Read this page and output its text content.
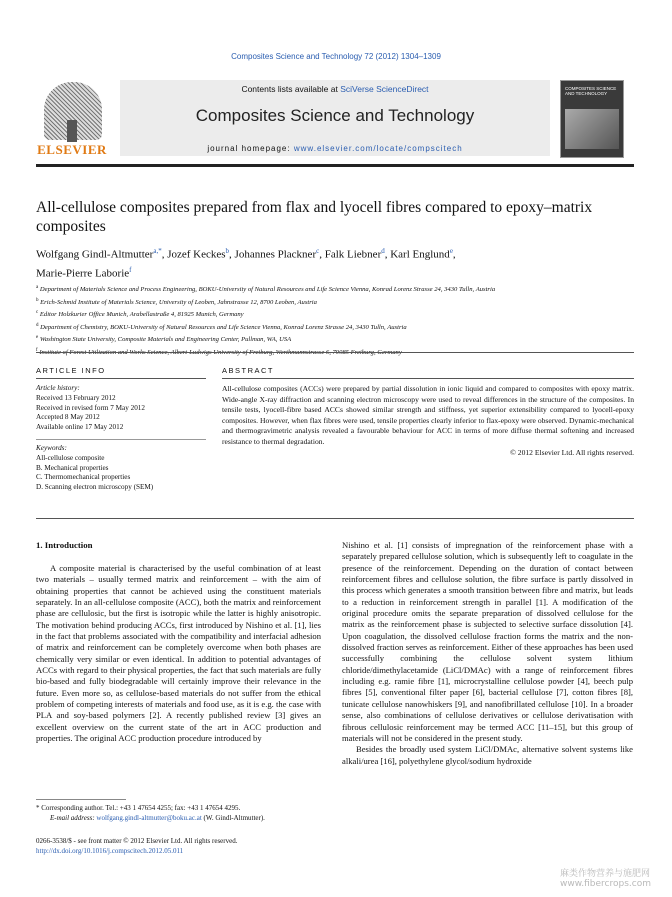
Composites Science and Technology 72 (2012) 1304–1309
ELSEVIER
Contents lists available at SciVerse ScienceDirect
Composites Science and Technology
journal homepage: www.elsevier.com/locate/compscitech
COMPOSITES SCIENCE AND TECHNOLOGY
All-cellulose composites prepared from flax and lyocell fibres compared to epoxy–matrix composites
Wolfgang Gindl-Altmutter$^{a,*}$, Jozef Keckes$^b$, Johannes Plackner$^c$, Falk Liebner$^d$, Karl Englund$^e$,
Marie-Pierre Laborie$^f$
$^a$ Department of Materials Science and Process Engineering, BOKU-University of Natural Resources and Life Science Vienna, Konrad Lorenz Strasse 24, 3430 Tulln, Austria
$^b$ Erich-Schmid Institute of Materials Science, University of Leoben, Jahnstrasse 12, 8700 Leoben, Austria
$^c$ Editor Holzkurier Office Munich, Arabellastraße 4, 81925 Munich, Germany
$^d$ Department of Chemistry, BOKU-University of Natural Resources and Life Science Vienna, Konrad Lorenz Strasse 24, 3430 Tulln, Austria
$^e$ Washington State University, Composite Materials and Engineering Center, Pullman, WA, USA
$^f$
ARTICLE INFO	ABSTRACT
Article history:
Received 13 February 2012
Received in revised form 7 May 2012
Accepted 8 May 2012
Available online 17 May 2012
Keywords:
All-cellulose composite
B. Mechanical properties
C. Thermomechanical properties
D. Scanning electron microscopy (SEM)
All-cellulose composites (ACCs) were prepared by partial dissolution in ionic liquid and compared to composites with epoxy matrix. Wide-angle X-ray diffraction and scanning electron microscopy were used to reveal differences in the structure of the composites. In tensile tests, lyocell-fibre based ACCs showed similar strength and stiffness, yet superior extensibility compared to lyocell-epoxy composites. However, when flax fibres were used, tensile properties clearly inferior to flax-epoxy were observed. Dynamic-mechanical and thermogravimetric analysis revealed a favourable behaviour for ACC in terms of more diffuse thermal softening and increased resistance to thermal degradation.
© 2012 Elsevier Ltd. All rights reserved.
1. Introduction

A composite material is characterised by the useful combination of at least two materials – usually termed matrix and reinforcement – with the aim of obtaining properties that cannot be achieved using the constituent materials separately. In an all-cellulose composite (ACC), both the matrix and reinforcement phase are cellulosic, but the first is isotropic while the latter is highly anisotropic. The motivation behind producing ACCs, first introduced by Nishino et al. [1], lies in the fact that problems associated with the compatibility and interfacial adhesion of matrix and reinforcement can be completely overcome when both phases are chemically very similar or even identical. In addition to potential advantages of ACCs with regard to their physical properties, the fact that such materials are fully bio-based and fully biodegradable will certainly improve their relevance in the future. Even more so, as cellulose-based materials do not suffer from the ethical problem of competing interests of materials and food use, as it is e.g. the case with PLA and soy-based polymers [2]. A recently published review [3] gives an excellent overview on the current state of the art in ACC production and properties. The original ACC production procedure introduced by

Nishino et al. [1] consists of impregnation of the reinforcement phase with a separately prepared cellulose solution, which is subsequently left to coagulate in the presence of the reinforcement. Depending on the duration of contact between reinforcement fibres and cellulose solution, the fibre surface is partly dissolved in this process which generates a smooth transition between fibre and matrix, but leads to a reduction in reinforcement strength in parallel [1]. A modification of the original procedure omits the separate preparation of dissolved cellulose for the matrix as the reinforcement phase is subjected to selective surface dissolution [4]. Upon coagulation, the dissolved cellulose fraction forms the matrix and the non-dissolved fraction serves as reinforcement. Either of these approaches has been used successfully combining the cellulose solvent system lithium chloride/dimethylacetamide (LiCl/DMAc) with a range of reinforcement fibres including e.g. ramie fibre [1], microcrystalline cellulose powder [4], beech pulp fibres [5], conventional filter paper [6], bacterial cellulose [7], cotton fibres [8], tunicate cellulose nanowhiskers [9], and nanofibrillated cellulose [10]. In a broader sense, also combinations of cellulose derivatives or cellulose derivatisation with fibrous cellulosic reinforcement may be termed ACC [11–15], but this group of materials will not be considered in the present study.

Besides the broadly used system LiCl/DMAc, alternative solvent systems like alkali/urea [16], polyethylene glycol/sodium hydroxide

* Corresponding author. Tel.: +43 1 47654 4255; fax: +43 1 47654 4295.
E-mail address: wolfgang.gindl-altmutter@boku.ac.at (W. Gindl-Altmutter).
0266-3538/$ - see front matter © 2012 Elsevier Ltd. All rights reserved.
http://dx.doi.org/10.1016/j.compscitech.2012.05.011
麻类作物营养与施肥网 www.fibercrops.com
